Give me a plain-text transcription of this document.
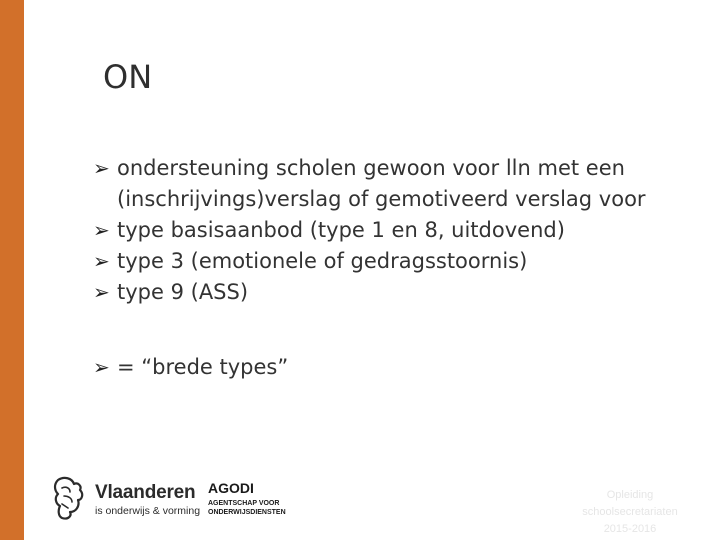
ON
➢ ondersteuning scholen gewoon voor lln met een (inschrijvings)verslag of gemotiveerd verslag voor
➢ type basisaanbod (type 1 en 8, uitdovend)
➢ type 3 (emotionele of gedragsstoornis)
➢ type 9 (ASS)
➢ = “brede types”
Vlaanderen
is onderwijs & vorming
AGODI
AGENTSCHAP VOOR ONDERWIJSDIENSTEN
Opleiding
schoolsecretariaten
2015-2016
